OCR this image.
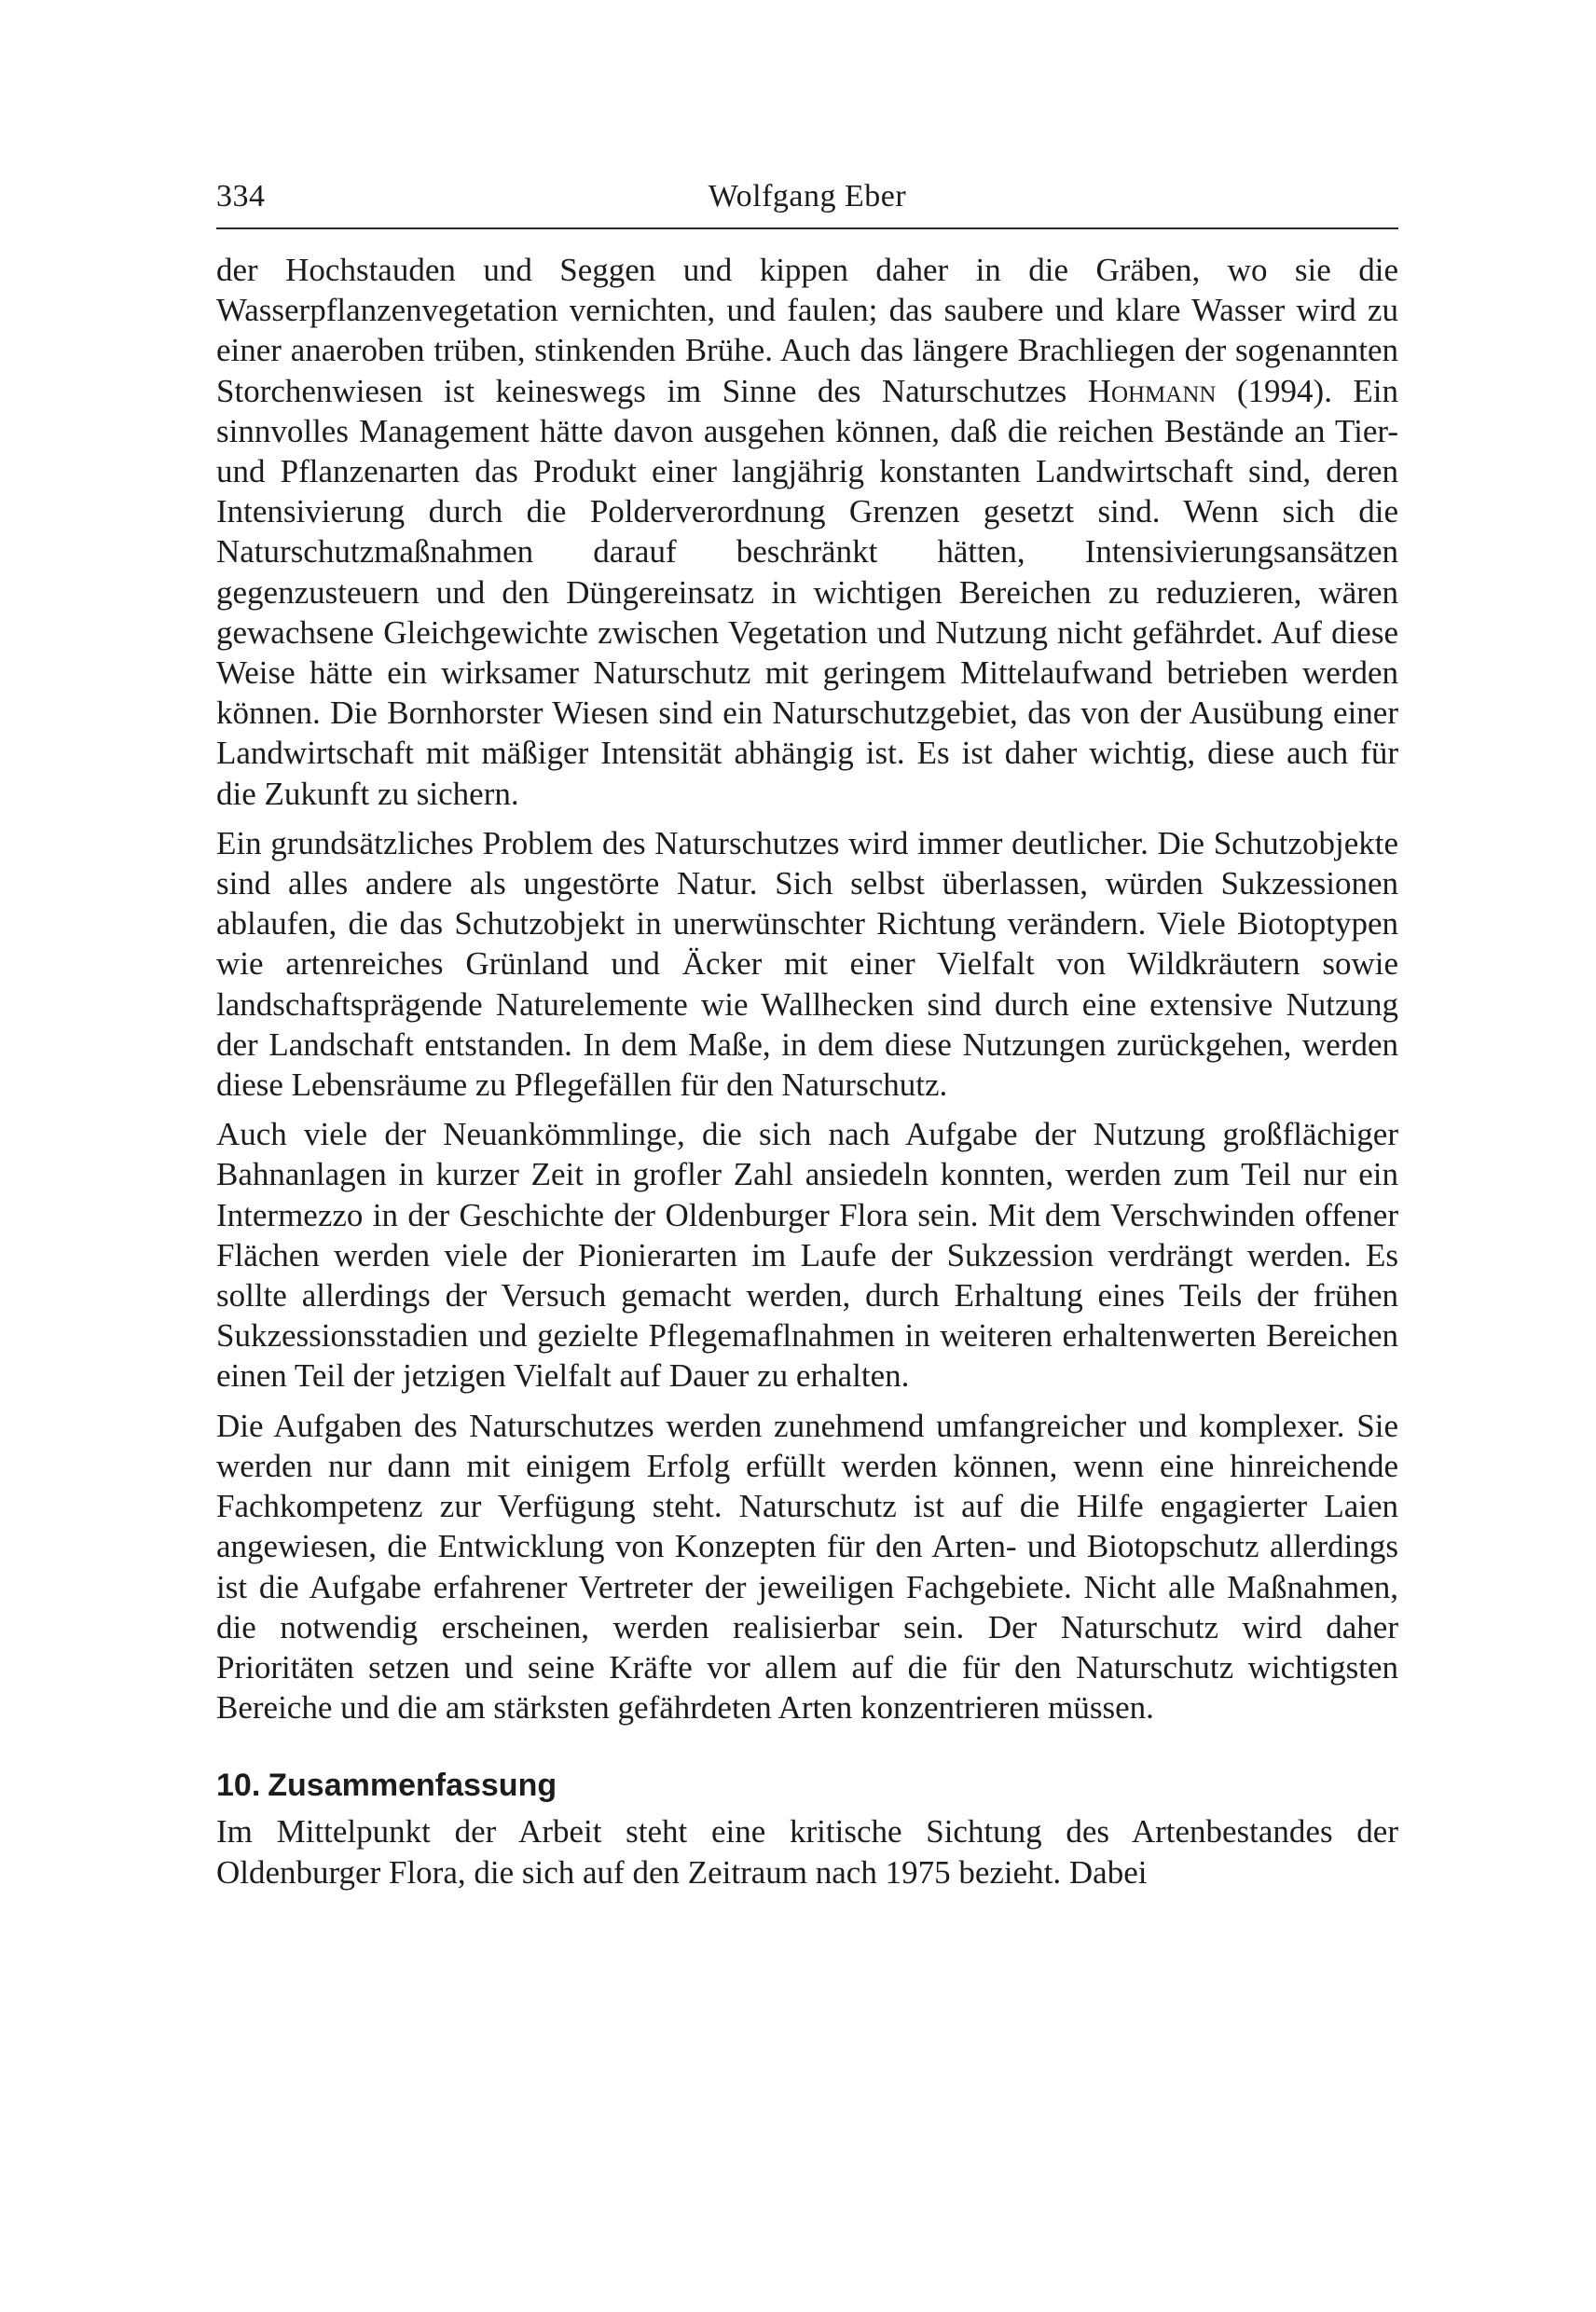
334	Wolfgang Eber

der Hochstauden und Seggen und kippen daher in die Gräben, wo sie die Wasserpflanzenvegetation vernichten, und faulen; das saubere und klare Wasser wird zu einer anaeroben trüben, stinkenden Brühe. Auch das längere Brachliegen der sogenannten Storchenwiesen ist keineswegs im Sinne des Naturschutzes Hohmann (1994). Ein sinnvolles Management hätte davon ausgehen können, daß die reichen Bestände an Tier- und Pflanzenarten das Produkt einer langjährig konstanten Landwirtschaft sind, deren Intensivierung durch die Polderverordnung Grenzen gesetzt sind. Wenn sich die Naturschutzmaßnahmen darauf beschränkt hätten, Intensivierungsansätzen gegenzusteuern und den Düngereinsatz in wichtigen Bereichen zu reduzieren, wären gewachsene Gleichgewichte zwischen Vegetation und Nutzung nicht gefährdet. Auf diese Weise hätte ein wirksamer Naturschutz mit geringem Mittelaufwand betrieben werden können. Die Bornhorster Wiesen sind ein Naturschutzgebiet, das von der Ausübung einer Landwirtschaft mit mäßiger Intensität abhängig ist. Es ist daher wichtig, diese auch für die Zukunft zu sichern.

Ein grundsätzliches Problem des Naturschutzes wird immer deutlicher. Die Schutzobjekte sind alles andere als ungestörte Natur. Sich selbst überlassen, würden Sukzessionen ablaufen, die das Schutzobjekt in unerwünschter Richtung verändern. Viele Biotoptypen wie artenreiches Grünland und Äcker mit einer Vielfalt von Wildkräutern sowie landschaftsprägende Naturelemente wie Wallhecken sind durch eine extensive Nutzung der Landschaft entstanden. In dem Maße, in dem diese Nutzungen zurückgehen, werden diese Lebensräume zu Pflegefällen für den Naturschutz.

Auch viele der Neuankömmlinge, die sich nach Aufgabe der Nutzung großflächiger Bahnanlagen in kurzer Zeit in grofler Zahl ansiedeln konnten, werden zum Teil nur ein Intermezzo in der Geschichte der Oldenburger Flora sein. Mit dem Verschwinden offener Flächen werden viele der Pionierarten im Laufe der Sukzession verdrängt werden. Es sollte allerdings der Versuch gemacht werden, durch Erhaltung eines Teils der frühen Sukzessionsstadien und gezielte Pflegemaflnahmen in weiteren erhaltenwerten Bereichen einen Teil der jetzigen Vielfalt auf Dauer zu erhalten.

Die Aufgaben des Naturschutzes werden zunehmend umfangreicher und komplexer. Sie werden nur dann mit einigem Erfolg erfüllt werden können, wenn eine hinreichende Fachkompetenz zur Verfügung steht. Naturschutz ist auf die Hilfe engagierter Laien angewiesen, die Entwicklung von Konzepten für den Arten- und Biotopschutz allerdings ist die Aufgabe erfahrener Vertreter der jeweiligen Fachgebiete. Nicht alle Maßnahmen, die notwendig erscheinen, werden realisierbar sein. Der Naturschutz wird daher Prioritäten setzen und seine Kräfte vor allem auf die für den Naturschutz wichtigsten Bereiche und die am stärksten gefährdeten Arten konzentrieren müssen.

10. Zusammenfassung

Im Mittelpunkt der Arbeit steht eine kritische Sichtung des Artenbestandes der Oldenburger Flora, die sich auf den Zeitraum nach 1975 bezieht. Dabei
